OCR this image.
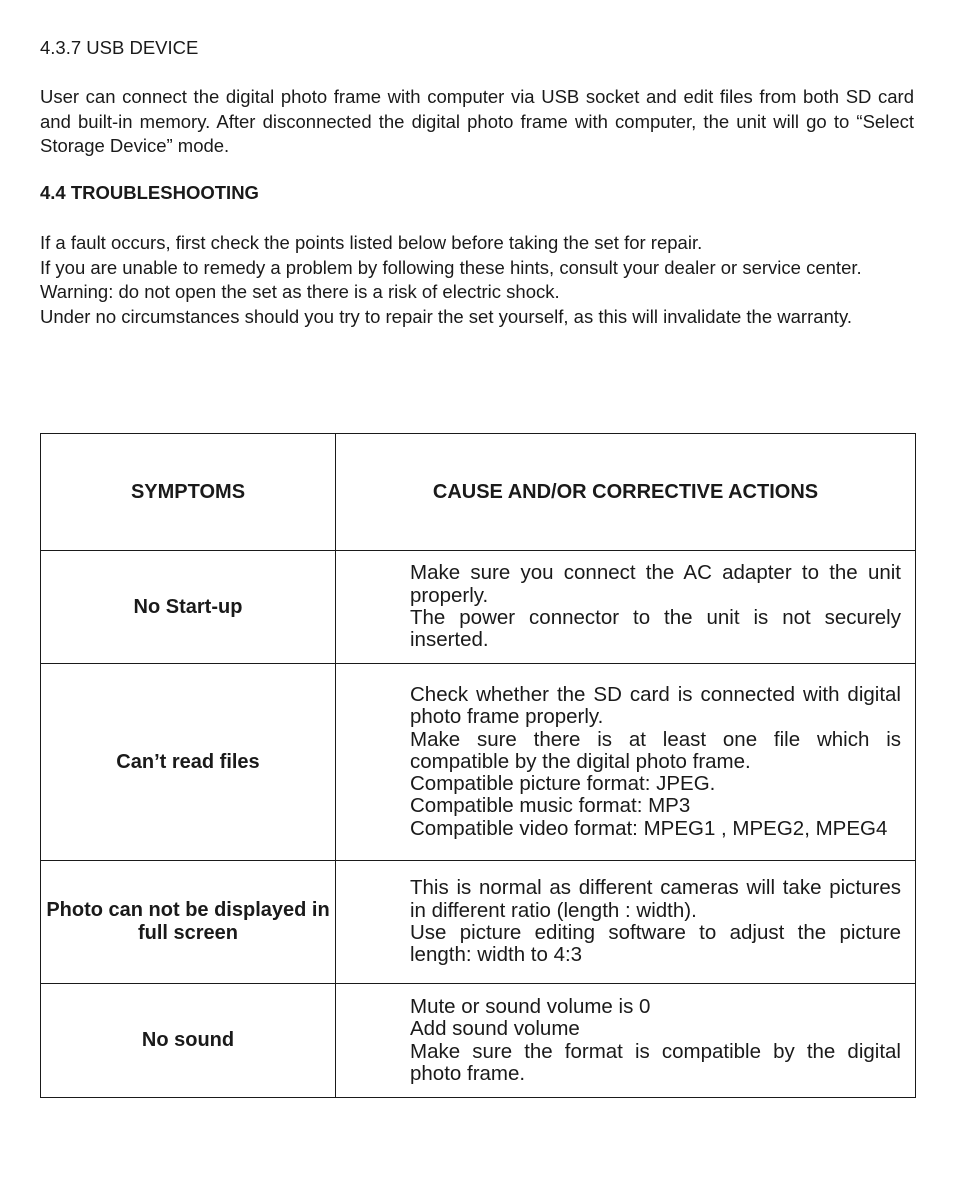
4.3.7 USB DEVICE

User can connect the digital photo frame with computer via USB socket and edit files from both SD card and built-in memory. After disconnected the digital photo frame with computer, the unit will go to “Select Storage Device” mode.

4.4 TROUBLESHOOTING

If a fault occurs, first check the points listed below before taking the set for repair.

If you are unable to remedy a problem by following these hints, consult your dealer or service center.

Warning: do not open the set as there is a risk of electric shock.

Under no circumstances should you try to repair the set yourself, as this will invalidate the warranty.

SYMPTOMS	CAUSE AND/OR CORRECTIVE ACTIONS
No Start-up	Make sure you connect the AC adapter to the unit properly.

The power connector to the unit is not securely inserted.

Can’t read files	Check whether the SD card is connected with digital photo frame properly.

Make sure there is at least one file which is compatible by the digital photo frame.

Compatible picture format: JPEG.

Compatible music format: MP3

Compatible video format: MPEG1 , MPEG2, MPEG4

Photo can not be displayed in full screen	This is normal as different cameras will take pictures in different ratio (length : width).

Use picture editing software to adjust the picture length: width to 4:3

No sound	Mute or sound volume is 0

Add sound volume

Make sure the format is compatible by the digital photo frame.
